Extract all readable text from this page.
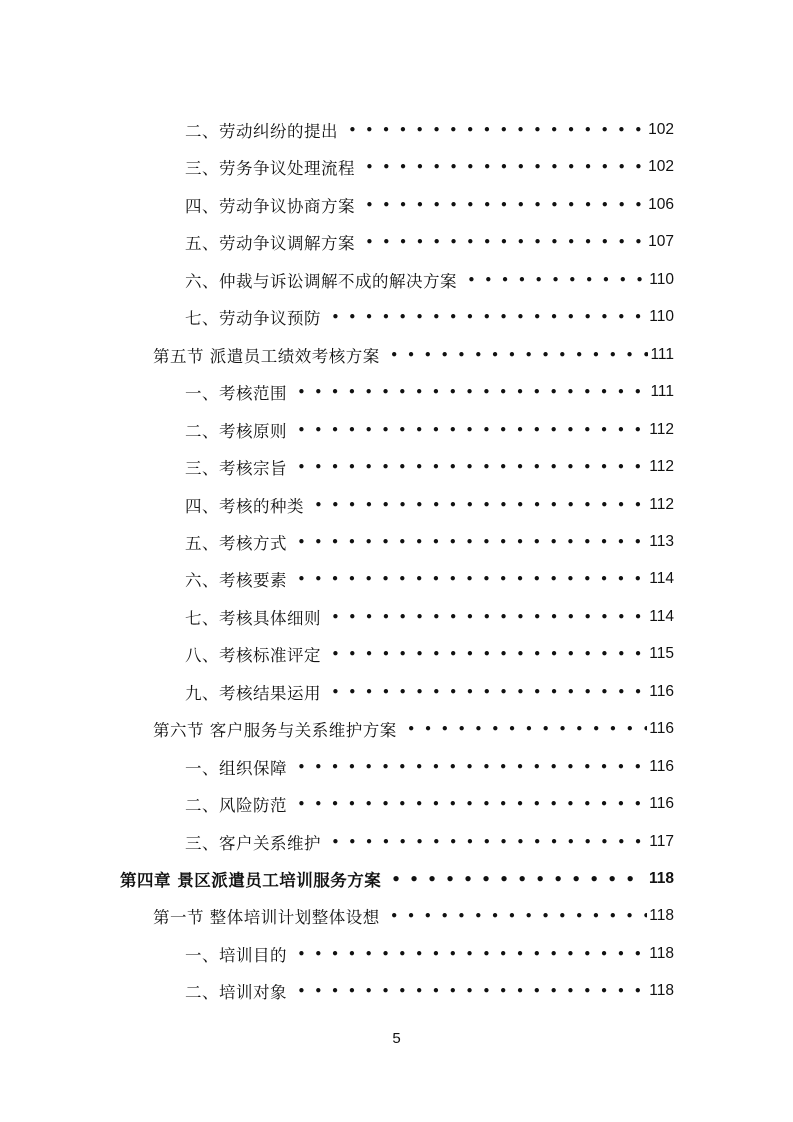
二、劳动纠纷的提出 • • •	102
三、劳务争议处理流程 • • •	102
四、劳动争议协商方案 • • •	106
五、劳动争议调解方案 • • •	107
六、仲裁与诉讼调解不成的解决方案 • • •	110
七、劳动争议预防 • • •	110
第五节 派遣员工绩效考核方案 • • •	111
一、考核范围 • • •	111
二、考核原则 • • •	112
三、考核宗旨 • • •	112
四、考核的种类 • • •	112
五、考核方式 • • •	113
六、考核要素 • • •	114
七、考核具体细则 • • •	114
八、考核标准评定 • • •	115
九、考核结果运用 • • •	116
第六节 客户服务与关系维护方案 • • •	116
一、组织保障 • • •	116
二、风险防范 • • •	116
三、客户关系维护 • • •	117
第四章 景区派遣员工培训服务方案 • • •	118
第一节 整体培训计划整体设想 • • •	118
一、培训目的 • • •	118
二、培训对象 • • •	118
5
